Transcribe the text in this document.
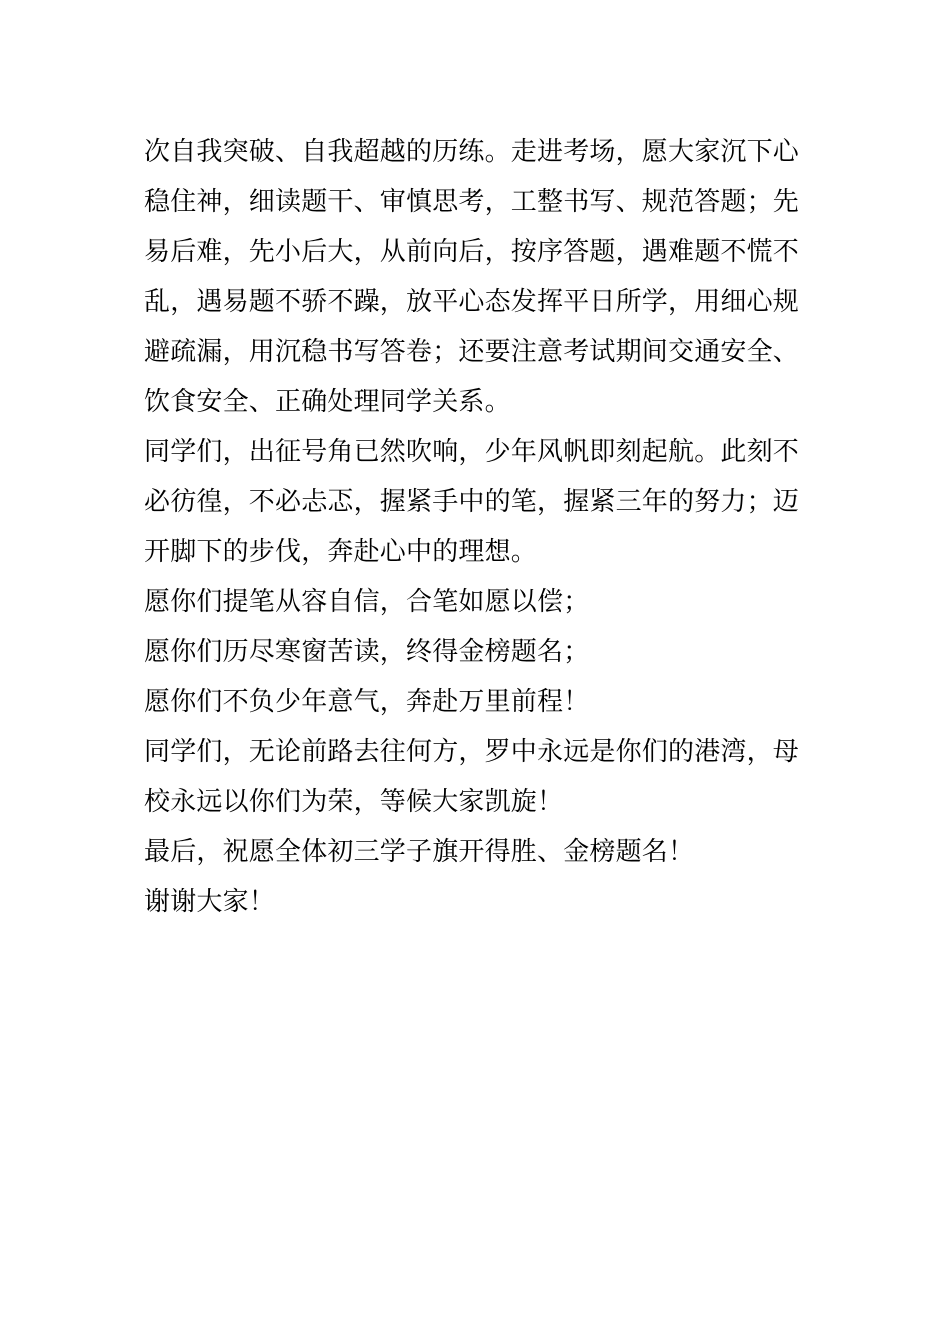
次自我突破、自我超越的历练。走进考场，愿大家沉下心
稳住神，细读题干、审慎思考，工整书写、规范答题；先
易后难，先小后大，从前向后，按序答题，遇难题不慌不
乱，遇易题不骄不躁，放平心态发挥平日所学，用细心规
避疏漏，用沉稳书写答卷；还要注意考试期间交通安全、
饮食安全、正确处理同学关系。
同学们，出征号角已然吹响，少年风帆即刻起航。此刻不
必彷徨，不必忐忑，握紧手中的笔，握紧三年的努力；迈
开脚下的步伐，奔赴心中的理想。
愿你们提笔从容自信，合笔如愿以偿；
愿你们历尽寒窗苦读，终得金榜题名；
愿你们不负少年意气，奔赴万里前程！
同学们，无论前路去往何方，罗中永远是你们的港湾，母
校永远以你们为荣，等候大家凯旋！
最后，祝愿全体初三学子旗开得胜、金榜题名！
谢谢大家！
